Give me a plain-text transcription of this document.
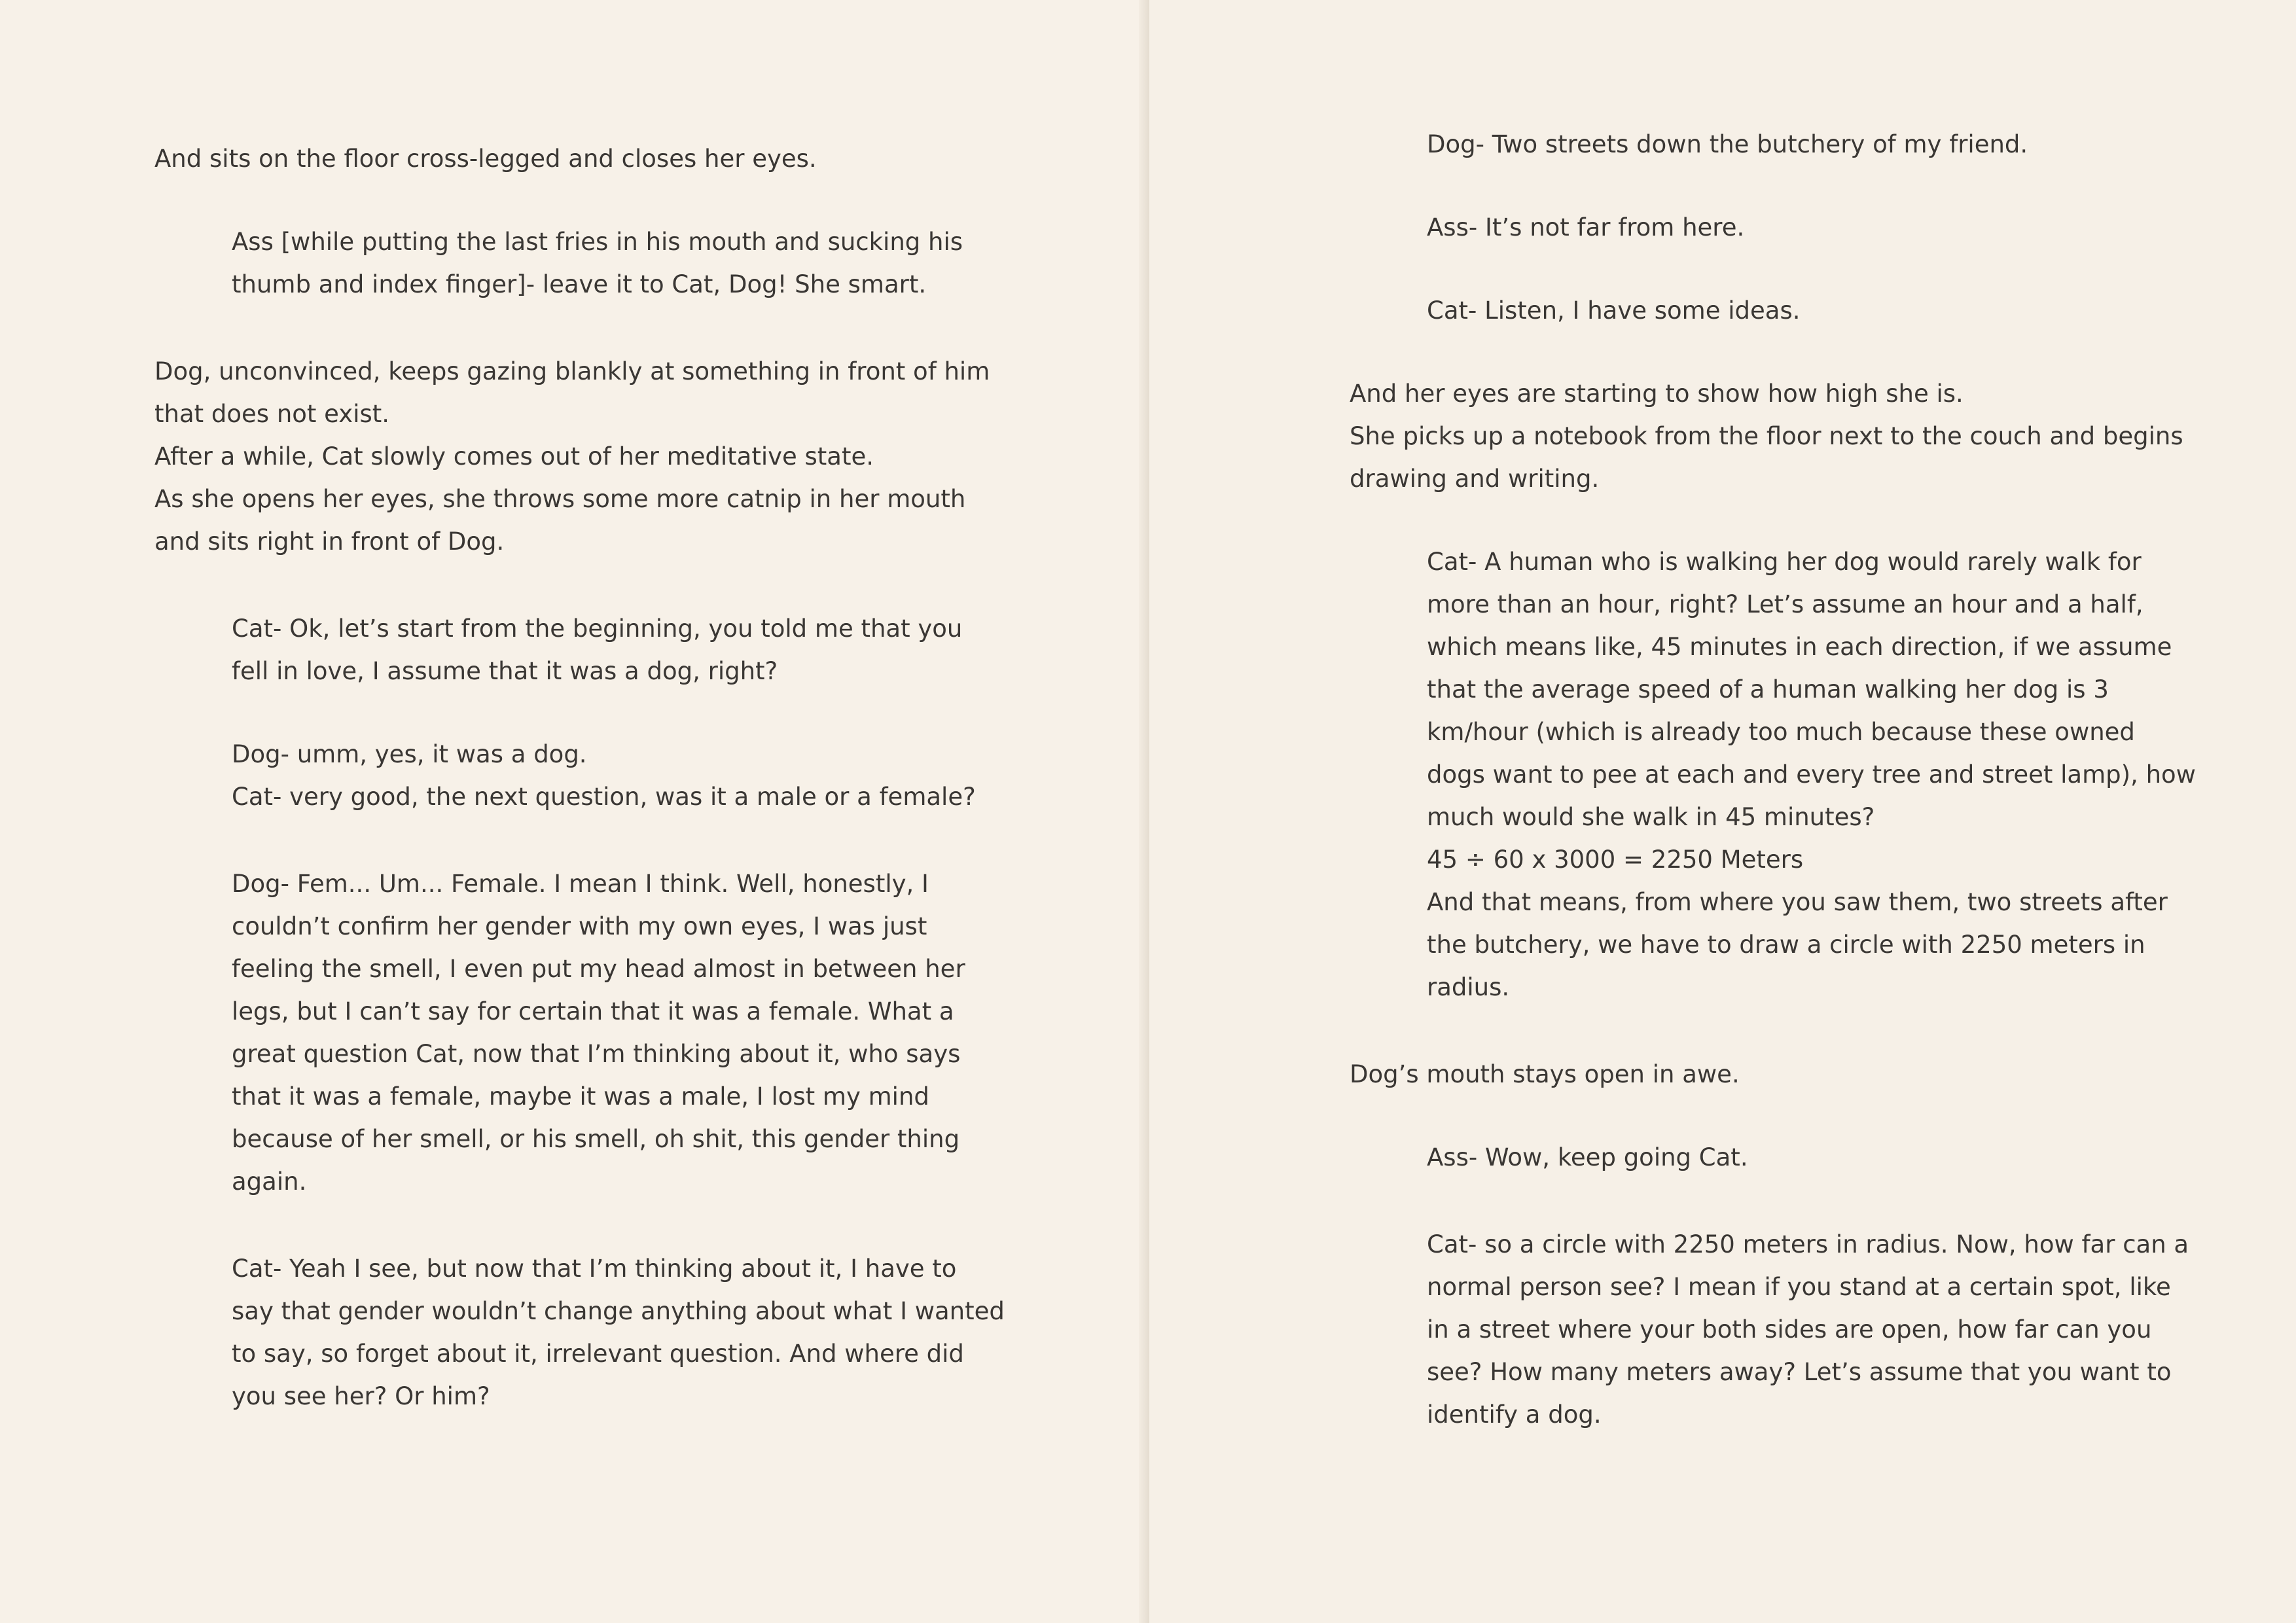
And sits on the floor cross-legged and closes her eyes.

Ass [while putting the last fries in his mouth and sucking his thumb and index finger]- leave it to Cat, Dog! She smart.

Dog, unconvinced, keeps gazing blankly at something in front of him that does not exist.

After a while, Cat slowly comes out of her meditative state.

As she opens her eyes, she throws some more catnip in her mouth and sits right in front of Dog.

Cat- Ok, let’s start from the beginning, you told me that you fell in love, I assume that it was a dog, right?

Dog- umm, yes, it was a dog.

Cat- very good, the next question, was it a male or a female?

Dog- Fem... Um... Female. I mean I think. Well, honestly, I couldn’t confirm her gender with my own eyes, I was just feeling the smell, I even put my head almost in between her legs, but I can’t say for certain that it was a female. What a great question Cat, now that I’m thinking about it, who says that it was a female, maybe it was a male, I lost my mind because of her smell, or his smell, oh shit, this gender thing again.

Cat- Yeah I see, but now that I’m thinking about it, I have to say that gender wouldn’t change anything about what I wanted to say, so forget about it, irrelevant question. And where did you see her? Or him?

Dog- Two streets down the butchery of my friend.

Ass- It’s not far from here.

Cat- Listen, I have some ideas.

And her eyes are starting to show how high she is.

She picks up a notebook from the floor next to the couch and begins drawing and writing.

Cat- A human who is walking her dog would rarely walk for more than an hour, right? Let’s assume an hour and a half, which means like, 45 minutes in each direction, if we assume that the average speed of a human walking her dog is 3 km/hour (which is already too much because these owned dogs want to pee at each and every tree and street lamp), how much would she walk in 45 minutes?

45 ÷ 60 x 3000 = 2250 Meters

And that means, from where you saw them, two streets after the butchery, we have to draw a circle with 2250 meters in radius.

Dog’s mouth stays open in awe.

Ass- Wow, keep going Cat.

Cat- so a circle with 2250 meters in radius. Now, how far can a normal person see? I mean if you stand at a certain spot, like in a street where your both sides are open, how far can you see? How many meters away? Let’s assume that you want to identify a dog.
